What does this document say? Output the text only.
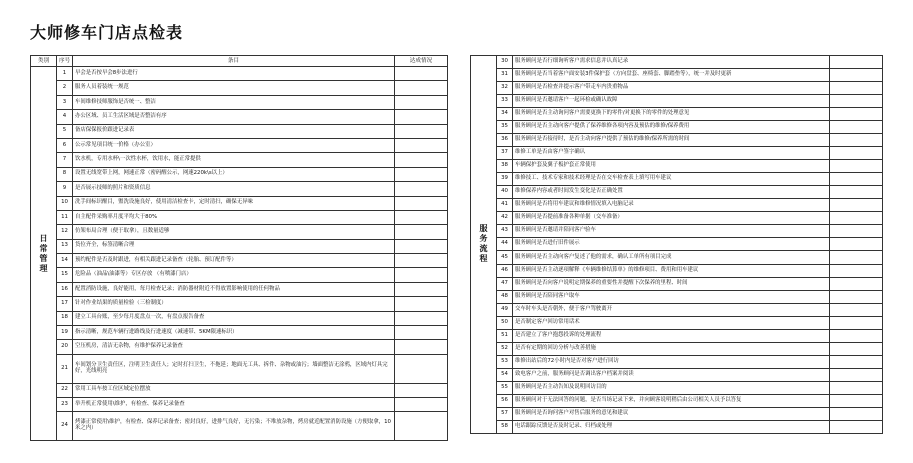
大师修车门店点检表
类别	序号	条目	达成情况
日
常
管
理	1	早会是否按早会8步法进行	
	2	服务人员着装统一规范	
	3	车间维修技师服饰是否统一、整洁	
	4	办公区域、员工生活区域是否整洁有序	
	5	备店保保报价跟进记录表	
	6	公示常见项目统一价格（办公室）	
	7	饮水机，专用水杯\一次性水杯，饮用水，能正常提供	
	8	设置无线宽带上网，网速正常（密码醒公示，网速220k\s以上）	
	9	是否展示技师的照片和资质信息	
	10	洗手间标识醒目，盥洗设施良好，使用清洁检查卡，定时清扫，确保无异味	
	11	自主配件采购率月度平均大于80%	
	12	仿架布局合理（便于取拿），且数量适够	
	13	货位齐全，标签清晰合理	
	14	预约配件是否及时跟进，有相关跟进记录备查（轮胎、预订配件等）	
	15	危险品（油品\油漆等）专区存放 （有喷漆门店）	
	16	配置消防设施，良好能用，每月检查记录；消防器材附近不得放置影响使用的任何物品	
	17	针对作业结果的质量检验（三检制度）	
	18	建立工具台账，至少每月度盘点一次，有盘点报告备查	
	19	指示清晰，规范车辆行进路线及行进速度（减速带、5KM限速标识）	
	20	空压机房，清洁无杂物，有维护保养记录备查	
	21	车间划分卫生责任区，注明卫生责任人；定时打扫卫生，不拖延；地面无工具、拆件、杂物或油污；墙面整洁无涂鸦，区域内灯具完好，光线明亮	
	22	常用工具车按工位区域定位摆放	
	23	举升机正常使用\维护，有检查、保养记录备查	
	24	烤漆正常使用\维护，有检查、保养记录备查；密封良好，进排气良好，无污染；不堆放杂物，烤房就近配置消防设施（方便取拿，10米之内）	
服
务
流
程	30	服务顾问是否行细询听客户需求信息并认真记录	
	31	服务顾问是否当着客户面安装3件保护套（方向盘套、座椅套、脚踏垫等），统一并及时更新	
	32	服务顾问是否检查并提示客户带走车内贵重物品	
	33	服务顾问是否邀请客户一起环检或确认故障	
	34	服务顾问是否主动询问客户需要更换下的零件/对更换下的零件的处理意见	
	35	服务顾问是否主动向客户提供了保养维修各项内容及预估的维修/保养费用	
	36	服务顾问是否接待时，是否主动向客户提供了预估的维修/保养所需的时间	
	37	维修工单是否由客户签字确认	
	38	车辆保护套及翼子板护套正常使用	
	39	维修技工、技术专家和技术经理是否在交车检查表上填写用车建议	
	40	维修保养内容或者时间发生变化是否正确处置	
	41	服务顾问是否将用车建议和维修情况填入电脑记录	
	42	服务顾问是否提前准备各种单据（交车准备）	
	43	服务顾问是否邀请并陪同客户验车	
	44	服务顾问是否进行旧件展示	
	45	服务顾问是否主动向客户复述了他的需求，确认工单所有项目完成	
	46	服务顾问是否主动逐项解释《车辆维修结算单》的维修项目、费用和用车建议	
	47	服务顾问是否向客户说明定期保养的重要性并提醒下次保养的里程、时间	
	48	服务顾问是否陪同客户取车	
	49	交车时车头是否朝外，便于客户驾驶离开	
	50	是否制定客户回访常用话术	
	51	是否建立了客户抱怨投诉的处理流程	
	52	是否有定期的回访分析与改善措施	
	53	维修出站后的72小时内是否对客户进行回访	
	54	致电客户之前，服务顾问是否调出客户档案并阅读	
	55	服务顾问是否主动告知及说明回访目的	
	56	服务顾问对于无法回答的问题，是否当场记录下来，并向顾客说明稍后由公司相关人员予以答复	
	57	服务顾问是否询问客户对售后服务的意见和建议	
	58	电话跟踪反馈是否及时记录、归档或处理	
